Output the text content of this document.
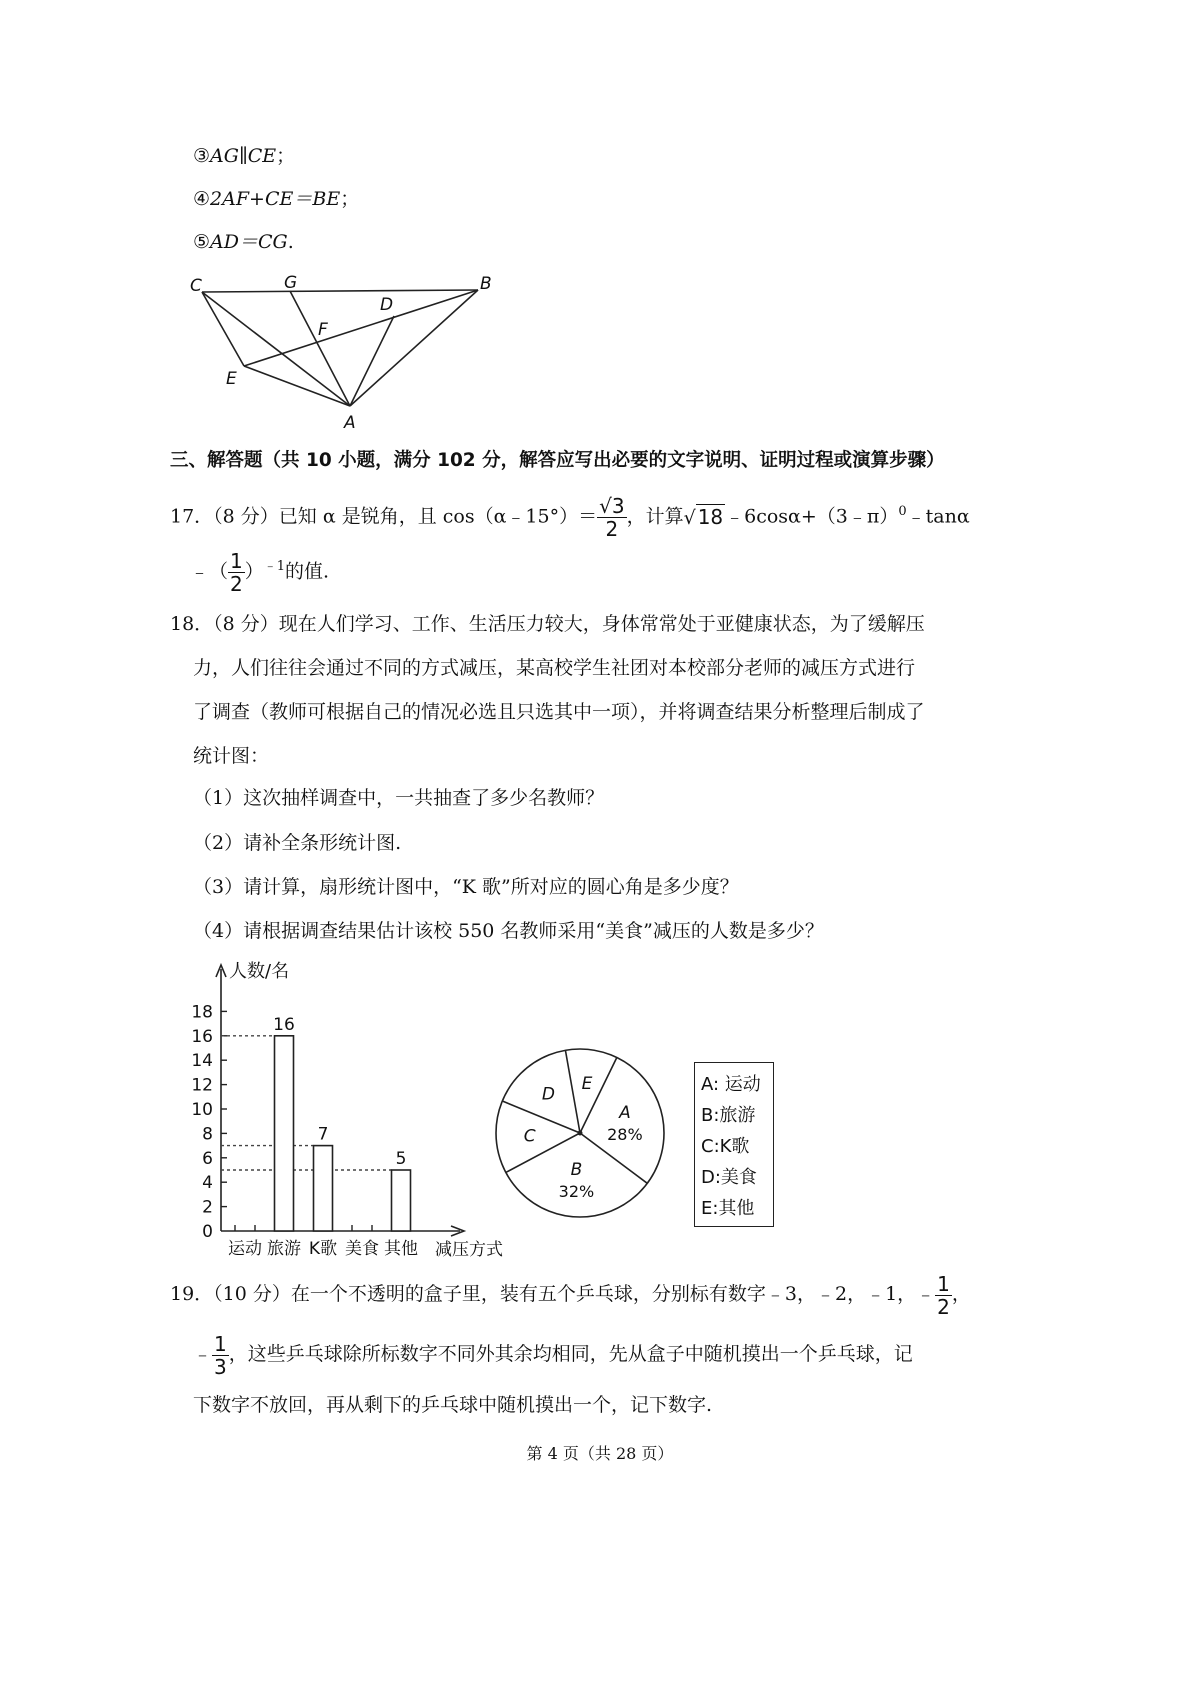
③AG∥CE；
④2AF+CE＝BE；
⑤AD＝CG.
C	G	B
D
F
E
A
三、解答题（共 10 小题，满分 102 分，解答应写出必要的文字说明、证明过程或演算步骤）
17．（8 分）已知 α 是锐角，且 cos（α﹣15°）＝ $\frac{√3}{2}$ ，计算√ 18 ﹣6cosα+（3﹣π）$^0$﹣tanα
﹣（ $\frac{1}{2} )^{﹣1}$的值.
18．（8 分）现在人们学习、工作、生活压力较大，身体常常处于亚健康状态，为了缓解压
力，人们往往会通过不同的方式减压，某高校学生社团对本校部分老师的减压方式进行
了调查（教师可根据自己的情况必选且只选其中一项），并将调查结果分析整理后制成了
统计图：
（1）这次抽样调查中，一共抽查了多少名教师？
（2）请补全条形统计图.
（3）请计算，扇形统计图中，“K 歌”所对应的圆心角是多少度？
（4）请根据调查结果估计该校 550 名教师采用“美食”减压的人数是多少？
人数/名
减压方式
0
2
4
6
8
10
12
14
16
18
16
7
5
运动 旅游 K歌 美食 其他
A
28%
B
32%
C
D
E	A: 运动
B:旅游
C:K歌
D:美食
E:其他
19．（10 分）在一个不透明的盒子里，装有五个乒乓球，分别标有数字﹣3，﹣2，﹣1，﹣ $\frac{1}{2}$ ，
﹣ $\frac{1}{3}$ ，这些乒乓球除所标数字不同外其余均相同，先从盒子中随机摸出一个乒乓球，记
下数字不放回，再从剩下的乒乓球中随机摸出一个，记下数字.
第 4 页（共 28 页）
